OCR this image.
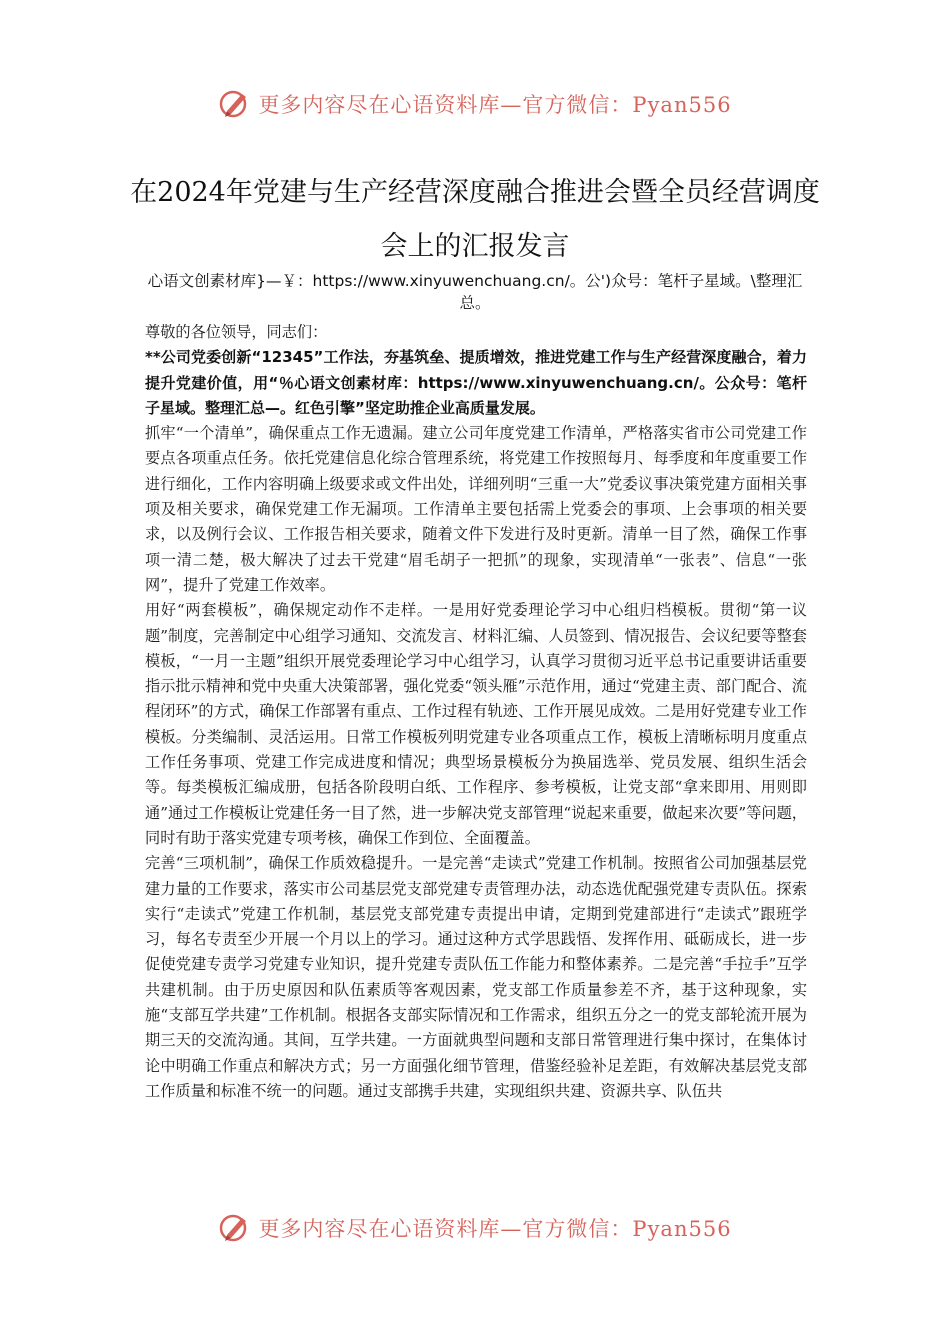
更多内容尽在心语资料库—官方微信：Pyan556
在2024年党建与生产经营深度融合推进会暨全员经营调度会上的汇报发言
心语文创素材库}—￥：https://www.xinyuwenchuang.cn/。公')众号：笔杆子星域。\整理汇总。

尊敬的各位领导，同志们：

**公司党委创新“12345”工作法，夯基筑垒、提质增效，推进党建工作与生产经营深度融合，着力提升党建价值，用“％心语文创素材库：https://www.xinyuwenchuang.cn/。公众号：笔杆子星域。整理汇总—。红色引擎”坚定助推企业高质量发展。

抓牢“一个清单”，确保重点工作无遗漏。建立公司年度党建工作清单，严格落实省市公司党建工作要点各项重点任务。依托党建信息化综合管理系统，将党建工作按照每月、每季度和年度重要工作进行细化，工作内容明确上级要求或文件出处，详细列明“三重一大”党委议事决策党建方面相关事项及相关要求，确保党建工作无漏项。工作清单主要包括需上党委会的事项、上会事项的相关要求，以及例行会议、工作报告相关要求，随着文件下发进行及时更新。清单一目了然，确保工作事项一清二楚，极大解决了过去干党建“眉毛胡子一把抓”的现象，实现清单“一张表”、信息“一张网”，提升了党建工作效率。

用好“两套模板”，确保规定动作不走样。一是用好党委理论学习中心组归档模板。贯彻“第一议题”制度，完善制定中心组学习通知、交流发言、材料汇编、人员签到、情况报告、会议纪要等整套模板，“一月一主题”组织开展党委理论学习中心组学习，认真学习贯彻习近平总书记重要讲话重要指示批示精神和党中央重大决策部署，强化党委“领头雁”示范作用，通过“党建主责、部门配合、流程闭环”的方式，确保工作部署有重点、工作过程有轨迹、工作开展见成效。二是用好党建专业工作模板。分类编制、灵活运用。日常工作模板列明党建专业各项重点工作，模板上清晰标明月度重点工作任务事项、党建工作完成进度和情况；典型场景模板分为换届选举、党员发展、组织生活会等。每类模板汇编成册，包括各阶段明白纸、工作程序、参考模板，让党支部“拿来即用、用则即通”通过工作模板让党建任务一目了然，进一步解决党支部管理“说起来重要，做起来次要”等问题，同时有助于落实党建专项考核，确保工作到位、全面覆盖。

完善“三项机制”，确保工作质效稳提升。一是完善“走读式”党建工作机制。按照省公司加强基层党建力量的工作要求，落实市公司基层党支部党建专责管理办法，动态选优配强党建专责队伍。探索实行“走读式”党建工作机制，基层党支部党建专责提出申请，定期到党建部进行“走读式”跟班学习，每名专责至少开展一个月以上的学习。通过这种方式学思践悟、发挥作用、砥砺成长，进一步促使党建专责学习党建专业知识，提升党建专责队伍工作能力和整体素养。二是完善“手拉手”互学共建机制。由于历史原因和队伍素质等客观因素，党支部工作质量参差不齐，基于这种现象，实施“支部互学共建”工作机制。根据各支部实际情况和工作需求，组织五分之一的党支部轮流开展为期三天的交流沟通。其间，互学共建。一方面就典型问题和支部日常管理进行集中探讨，在集体讨论中明确工作重点和解决方式；另一方面强化细节管理，借鉴经验补足差距，有效解决基层党支部工作质量和标准不统一的问题。通过支部携手共建，实现组织共建、资源共享、队伍共

更多内容尽在心语资料库—官方微信：Pyan556
